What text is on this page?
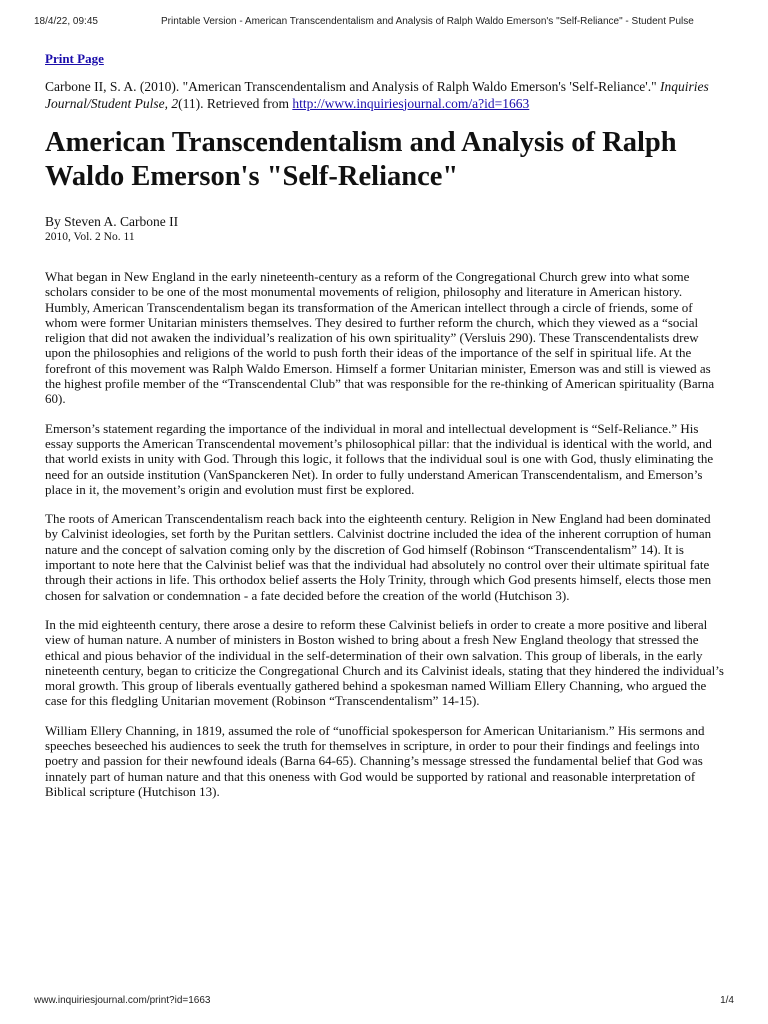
18/4/22, 09:45	Printable Version - American Transcendentalism and Analysis of Ralph Waldo Emerson's "Self-Reliance" - Student Pulse
Print Page

Carbone II, S. A. (2010). "American Transcendentalism and Analysis of Ralph Waldo Emerson's 'Self-Reliance'." Inquiries Journal/Student Pulse, 2(11). Retrieved from http://www.inquiriesjournal.com/a?id=1663

American Transcendentalism and Analysis of Ralph Waldo Emerson's "Self-Reliance"
By Steven A. Carbone II
2010, Vol. 2 No. 11

What began in New England in the early nineteenth-century as a reform of the Congregational Church grew into what some scholars consider to be one of the most monumental movements of religion, philosophy and literature in American history. Humbly, American Transcendentalism began its transformation of the American intellect through a circle of friends, some of whom were former Unitarian ministers themselves. They desired to further reform the church, which they viewed as a “social religion that did not awaken the individual’s realization of his own spirituality” (Versluis 290). These Transcendentalists drew upon the philosophies and religions of the world to push forth their ideas of the importance of the self in spiritual life. At the forefront of this movement was Ralph Waldo Emerson. Himself a former Unitarian minister, Emerson was and still is viewed as the highest profile member of the “Transcendental Club” that was responsible for the re-thinking of American spirituality (Barna 60).

Emerson’s statement regarding the importance of the individual in moral and intellectual development is “Self-Reliance.” His essay supports the American Transcendental movement’s philosophical pillar: that the individual is identical with the world, and that world exists in unity with God. Through this logic, it follows that the individual soul is one with God, thusly eliminating the need for an outside institution (VanSpanckeren Net). In order to fully understand American Transcendentalism, and Emerson’s place in it, the movement’s origin and evolution must first be explored.

The roots of American Transcendentalism reach back into the eighteenth century. Religion in New England had been dominated by Calvinist ideologies, set forth by the Puritan settlers. Calvinist doctrine included the idea of the inherent corruption of human nature and the concept of salvation coming only by the discretion of God himself (Robinson “Transcendentalism” 14). It is important to note here that the Calvinist belief was that the individual had absolutely no control over their ultimate spiritual fate through their actions in life. This orthodox belief asserts the Holy Trinity, through which God presents himself, elects those men chosen for salvation or condemnation - a fate decided before the creation of the world (Hutchison 3).

In the mid eighteenth century, there arose a desire to reform these Calvinist beliefs in order to create a more positive and liberal view of human nature. A number of ministers in Boston wished to bring about a fresh New England theology that stressed the ethical and pious behavior of the individual in the self-determination of their own salvation. This group of liberals, in the early nineteenth century, began to criticize the Congregational Church and its Calvinist ideals, stating that they hindered the individual’s moral growth. This group of liberals eventually gathered behind a spokesman named William Ellery Channing, who argued the case for this fledgling Unitarian movement (Robinson “Transcendentalism” 14-15).

William Ellery Channing, in 1819, assumed the role of “unofficial spokesperson for American Unitarianism.” His sermons and speeches beseeched his audiences to seek the truth for themselves in scripture, in order to pour their findings and feelings into poetry and passion for their newfound ideals (Barna 64-65). Channing’s message stressed the fundamental belief that God was innately part of human nature and that this oneness with God would be supported by rational and reasonable interpretation of Biblical scripture (Hutchison 13).

www.inquiriesjournal.com/print?id=1663	1/4
